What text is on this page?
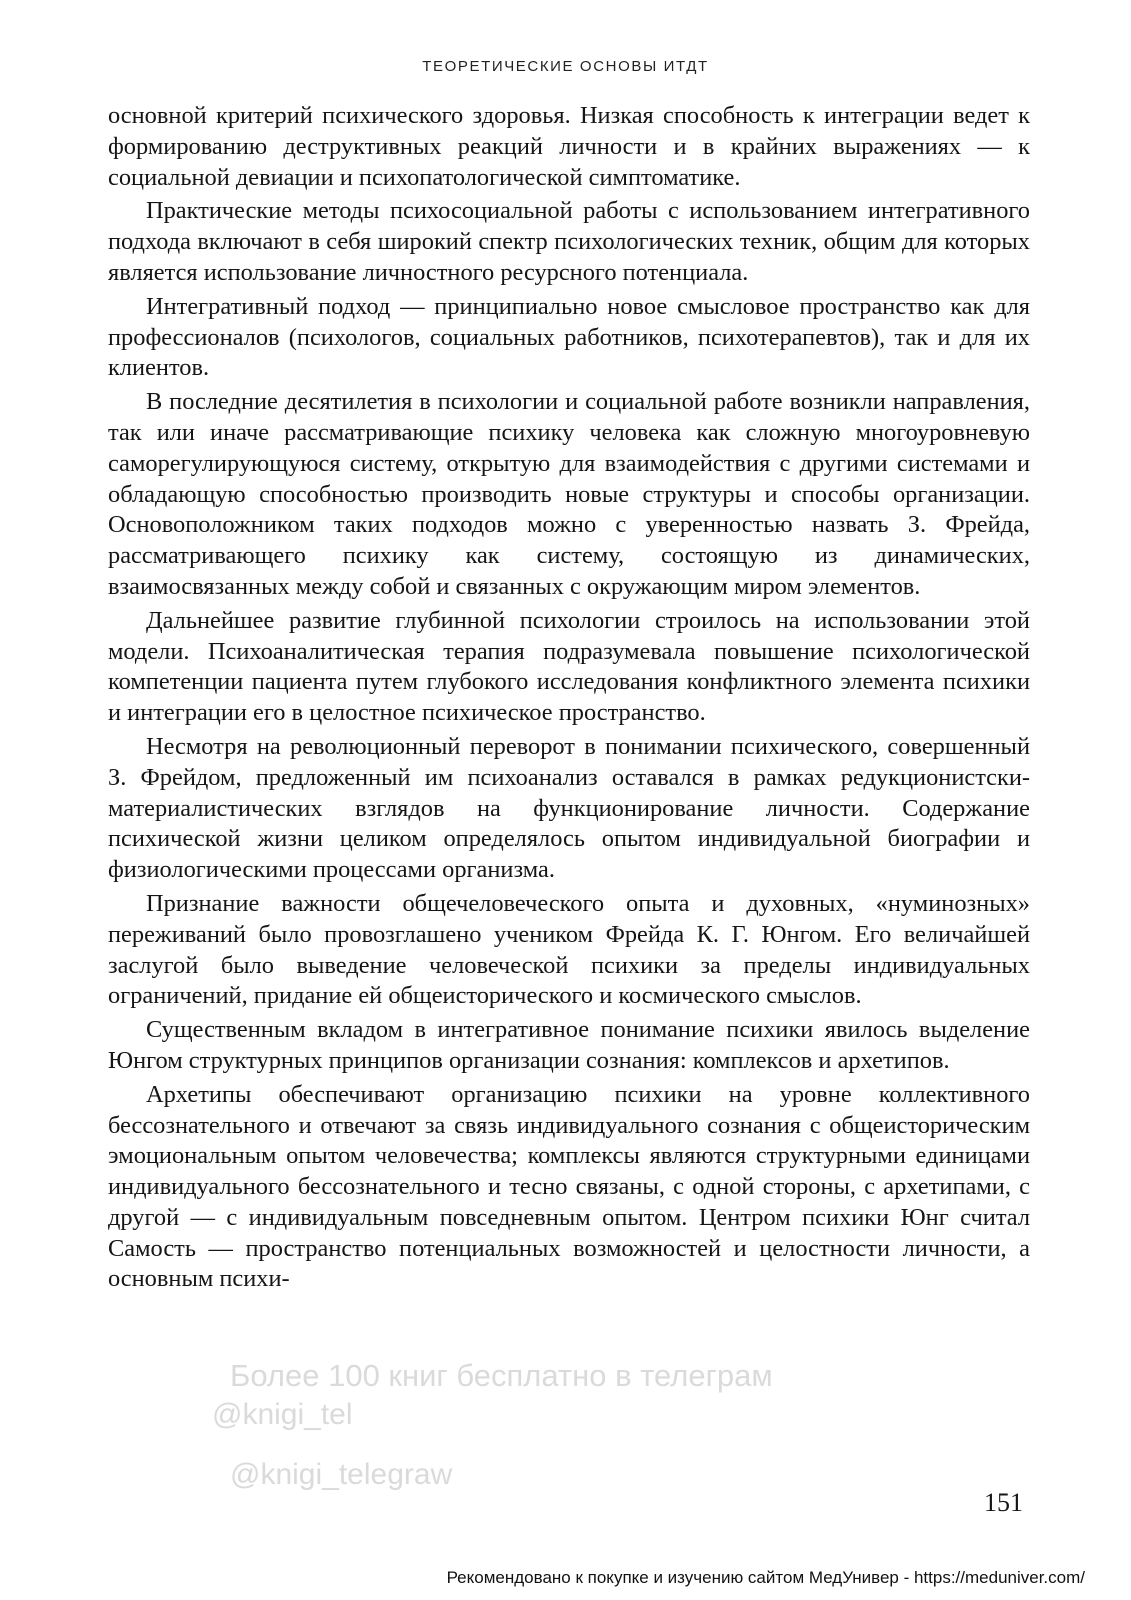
ТЕОРЕТИЧЕСКИЕ ОСНОВЫ ИТДТ

основной критерий психического здоровья. Низкая способность к интеграции ведет к формированию деструктивных реакций личности и в крайних выражениях — к социальной девиации и психопатологической симптоматике.

Практические методы психосоциальной работы с использованием интегративного подхода включают в себя широкий спектр психологических техник, общим для которых является использование личностного ресурсного потенциала.

Интегративный подход — принципиально новое смысловое пространство как для профессионалов (психологов, социальных работников, психотерапевтов), так и для их клиентов.

В последние десятилетия в психологии и социальной работе возникли направления, так или иначе рассматривающие психику человека как сложную многоуровневую саморегулирующуюся систему, открытую для взаимодействия с другими системами и обладающую способностью производить новые структуры и способы организации. Основоположником таких подходов можно с уверенностью назвать З. Фрейда, рассматривающего психику как систему, состоящую из динамических, взаимосвязанных между собой и связанных с окружающим миром элементов.

Дальнейшее развитие глубинной психологии строилось на использовании этой модели. Психоаналитическая терапия подразумевала повышение психологической компетенции пациента путем глубокого исследования конфликтного элемента психики и интеграции его в целостное психическое пространство.

Несмотря на революционный переворот в понимании психического, совершенный З. Фрейдом, предложенный им психоанализ оставался в рамках редукционистски-материалистических взглядов на функционирование личности. Содержание психической жизни целиком определялось опытом индивидуальной биографии и физиологическими процессами организма.

Признание важности общечеловеческого опыта и духовных, «нуминозных» переживаний было провозглашено учеником Фрейда К. Г. Юнгом. Его величайшей заслугой было выведение человеческой психики за пределы индивидуальных ограничений, придание ей общеисторического и космического смыслов.

Существенным вкладом в интегративное понимание психики явилось выделение Юнгом структурных принципов организации сознания: комплексов и архетипов.

Архетипы обеспечивают организацию психики на уровне коллективного бессознательного и отвечают за связь индивидуального сознания с общеисторическим эмоциональным опытом человечества; комплексы являются структурными единицами индивидуального бессознательного и тесно связаны, с одной стороны, с архетипами, с другой — с индивидуальным повседневным опытом. Центром психики Юнг считал Самость — пространство потенциальных возможностей и целостности личности, а основным психи-

Более 100 книг бесплатно в телеграм
@knigi_tel
@knigi_telegraw
151
Рекомендовано к покупке и изучению сайтом МедУнивер - https://meduniver.com/
